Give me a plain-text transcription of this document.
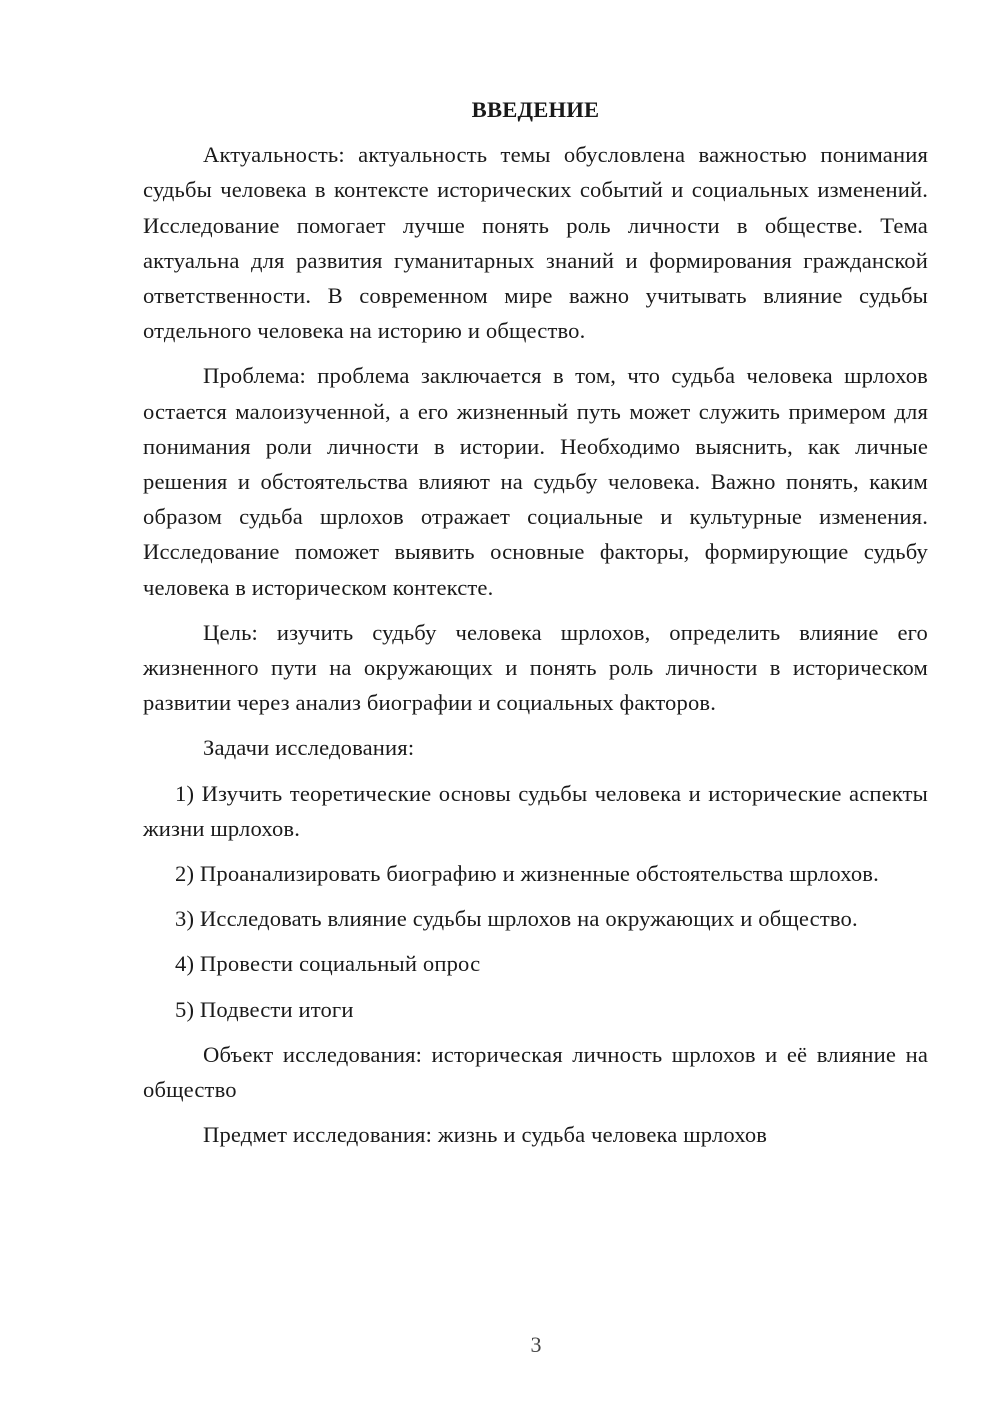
ВВЕДЕНИЕ

Актуальность: актуальность темы обусловлена важностью понимания судьбы человека в контексте исторических событий и социальных изменений. Исследование помогает лучше понять роль личности в обществе. Тема актуальна для развития гуманитарных знаний и формирования гражданской ответственности. В современном мире важно учитывать влияние судьбы отдельного человека на историю и общество.

Проблема: проблема заключается в том, что судьба человека шрлохов остается малоизученной, а его жизненный путь может служить примером для понимания роли личности в истории. Необходимо выяснить, как личные решения и обстоятельства влияют на судьбу человека. Важно понять, каким образом судьба шрлохов отражает социальные и культурные изменения. Исследование поможет выявить основные факторы, формирующие судьбу человека в историческом контексте.

Цель: изучить судьбу человека шрлохов, определить влияние его жизненного пути на окружающих и понять роль личности в историческом развитии через анализ биографии и социальных факторов.

Задачи исследования:

1) Изучить теоретические основы судьбы человека и исторические аспекты жизни шрлохов.

2) Проанализировать биографию и жизненные обстоятельства шрлохов.

3) Исследовать влияние судьбы шрлохов на окружающих и общество.

4) Провести социальный опрос

5) Подвести итоги

Объект исследования: историческая личность шрлохов и её влияние на общество

Предмет исследования: жизнь и судьба человека шрлохов

3
